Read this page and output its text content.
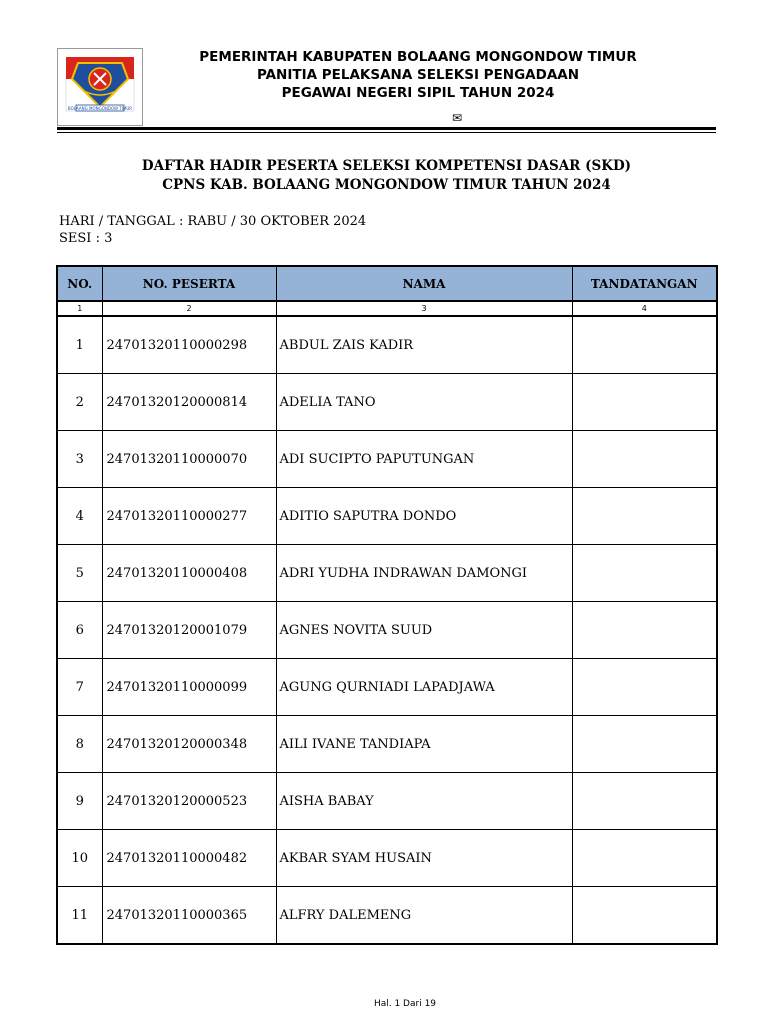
BOLAANG MONGONDOW TIMUR
PEMERINTAH KABUPATEN BOLAANG MONGONDOW TIMUR
PANITIA PELAKSANA SELEKSI PENGADAAN
PEGAWAI NEGERI SIPIL TAHUN 2024
✉
DAFTAR HADIR PESERTA SELEKSI KOMPETENSI DASAR (SKD)
CPNS KAB. BOLAANG MONGONDOW TIMUR TAHUN 2024
HARI / TANGGAL : RABU / 30 OKTOBER 2024
SESI : 3
NO.	NO. PESERTA	NAMA	TANDATANGAN
1	2	3	4
1	24701320110000298	ABDUL ZAIS KADIR	
2	24701320120000814	ADELIA TANO	
3	24701320110000070	ADI SUCIPTO PAPUTUNGAN	
4	24701320110000277	ADITIO SAPUTRA DONDO	
5	24701320110000408	ADRI YUDHA INDRAWAN DAMONGI	
6	24701320120001079	AGNES NOVITA SUUD	
7	24701320110000099	AGUNG QURNIADI LAPADJAWA	
8	24701320120000348	AILI IVANE TANDIAPA	
9	24701320120000523	AISHA BABAY	
10	24701320110000482	AKBAR SYAM HUSAIN	
11	24701320110000365	ALFRY DALEMENG	
Hal. 1 Dari 19
